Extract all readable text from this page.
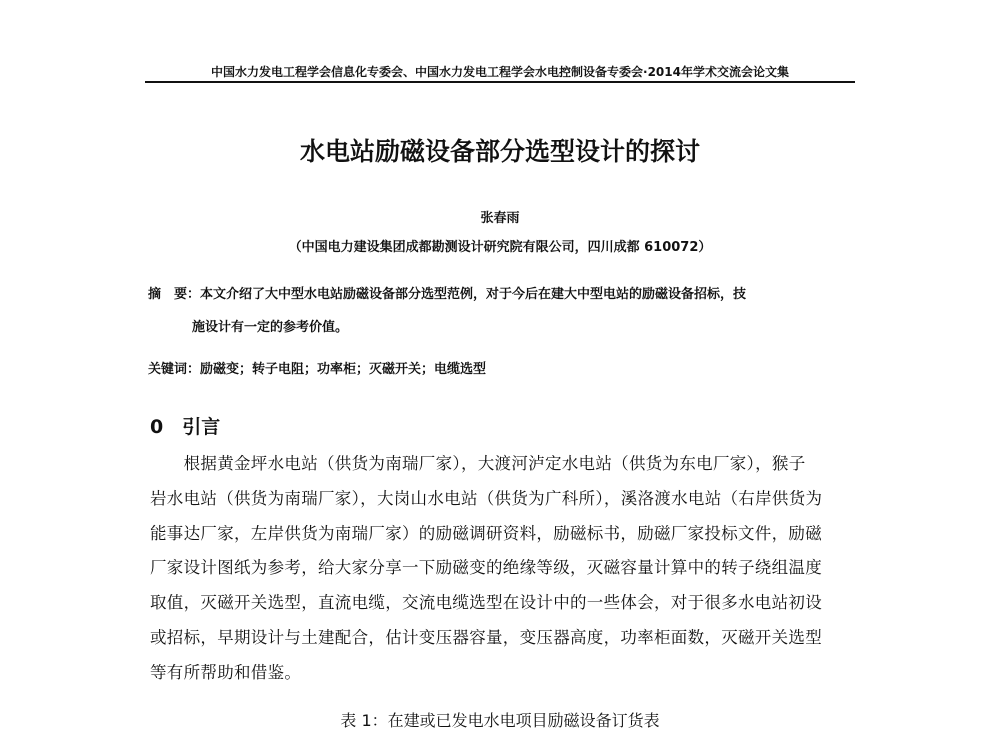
中国水力发电工程学会信息化专委会、中国水力发电工程学会水电控制设备专委会·2014年学术交流会论文集
水电站励磁设备部分选型设计的探讨
张春雨
（中国电力建设集团成都勘测设计研究院有限公司，四川成都 610072）
摘　要：本文介绍了大中型水电站励磁设备部分选型范例，对于今后在建大中型电站的励磁设备招标，技
施设计有一定的参考价值。
关键词：励磁变；转子电阻；功率柜；灭磁开关；电缆选型
0　引言
　　根据黄金坪水电站（供货为南瑞厂家），大渡河泸定水电站（供货为东电厂家），猴子
岩水电站（供货为南瑞厂家），大岗山水电站（供货为广科所），溪洛渡水电站（右岸供货为
能事达厂家，左岸供货为南瑞厂家）的励磁调研资料，励磁标书，励磁厂家投标文件，励磁
厂家设计图纸为参考，给大家分享一下励磁变的绝缘等级，灭磁容量计算中的转子绕组温度
取值，灭磁开关选型，直流电缆，交流电缆选型在设计中的一些体会，对于很多水电站初设
或招标，早期设计与土建配合，估计变压器容量，变压器高度，功率柜面数，灭磁开关选型
等有所帮助和借鉴。
表 1：在建或已发电水电项目励磁设备订货表
